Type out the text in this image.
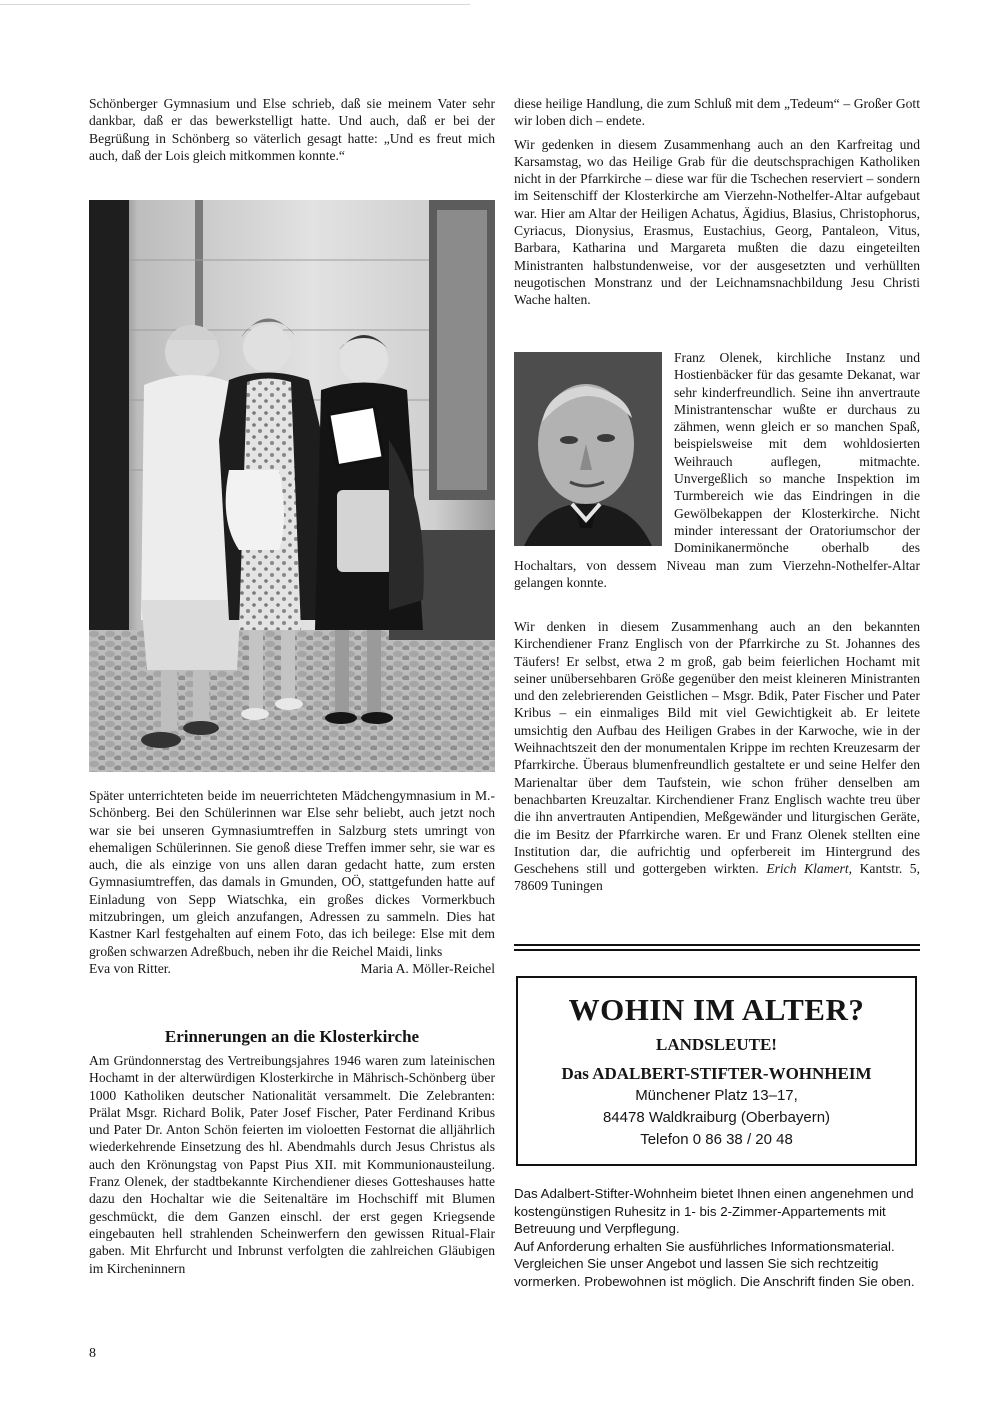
Schönberger Gymnasium und Else schrieb, daß sie meinem Vater sehr dankbar, daß er das bewerkstelligt hatte. Und auch, daß er bei der Begrüßung in Schönberg so väterlich gesagt hatte: „Und es freut mich auch, daß der Lois gleich mitkommen konnte.“

Später unterrichteten beide im neuerrichteten Mädchengymnasium in M.-Schönberg. Bei den Schülerinnen war Else sehr beliebt, auch jetzt noch war sie bei unseren Gymnasiumtreffen in Salzburg stets umringt von ehemaligen Schülerinnen. Sie genoß diese Treffen immer sehr, sie war es auch, die als einzige von uns allen daran gedacht hatte, zum ersten Gymnasiumtreffen, das damals in Gmunden, OÖ, stattgefunden hatte auf Einladung von Sepp Wiatschka, ein großes dickes Vormerkbuch mitzubringen, um gleich anzufangen, Adressen zu sammeln. Dies hat Kastner Karl festgehalten auf einem Foto, das ich beilege: Else mit dem großen schwarzen Adreßbuch, neben ihr die Reichel Maidi, links

Eva von Ritter.	Maria A. Möller-Reichel
Erinnerungen an die Klosterkirche

Am Gründonnerstag des Vertreibungsjahres 1946 waren zum lateinischen Hochamt in der alterwürdigen Klosterkirche in Mährisch-Schönberg über 1000 Katholiken deutscher Nationalität versammelt. Die Zelebranten: Prälat Msgr. Richard Bolik, Pater Josef Fischer, Pater Ferdinand Kribus und Pater Dr. Anton Schön feierten im violoetten Festornat die alljährlich wiederkehrende Einsetzung des hl. Abendmahls durch Jesus Christus als auch den Krönungstag von Papst Pius XII. mit Kommunionausteilung. Franz Olenek, der stadtbekannte Kirchendiener dieses Gotteshauses hatte dazu den Hochaltar wie die Seitenaltäre im Hochschiff mit Blumen geschmückt, die dem Ganzen einschl. der erst gegen Kriegsende eingebauten hell strahlenden Scheinwerfern den gewissen Ritual-Flair gaben. Mit Ehrfurcht und Inbrunst verfolgten die zahlreichen Gläubigen im Kircheninnern

diese heilige Handlung, die zum Schluß mit dem „Tedeum“ – Großer Gott wir loben dich – endete.

Wir gedenken in diesem Zusammenhang auch an den Karfreitag und Karsamstag, wo das Heilige Grab für die deutschsprachigen Katholiken nicht in der Pfarrkirche – diese war für die Tschechen reserviert – sondern im Seitenschiff der Klosterkirche am Vierzehn-Nothelfer-Altar aufgebaut war. Hier am Altar der Heiligen Achatus, Ägidius, Blasius, Christophorus, Cyriacus, Dionysius, Erasmus, Eustachius, Georg, Pantaleon, Vitus, Barbara, Katharina und Margareta mußten die dazu eingeteilten Ministranten halbstundenweise, vor der ausgesetzten und verhüllten neugotischen Monstranz und der Leichnamsnachbildung Jesu Christi Wache halten.

Franz Olenek, kirchliche Instanz und Hostienbäcker für das gesamte Dekanat, war sehr kinderfreundlich. Seine ihn anvertraute Ministrantenschar wußte er durchaus zu zähmen, wenn gleich er so manchen Spaß, beispielsweise mit dem wohldosierten Weihrauch auflegen, mitmachte. Unvergeßlich so manche Inspektion im Turmbereich wie das Eindringen in die Gewölbekappen der Klosterkirche. Nicht minder interessant der Oratoriumschor der Dominikanermönche oberhalb des Hochaltars, von dessem Niveau man zum Vierzehn-Nothelfer-Altar gelangen konnte.

Wir denken in diesem Zusammenhang auch an den bekannten Kirchendiener Franz Englisch von der Pfarrkirche zu St. Johannes des Täufers! Er selbst, etwa 2 m groß, gab beim feierlichen Hochamt mit seiner unübersehbaren Größe gegenüber den meist kleineren Ministranten und den zelebrierenden Geistlichen – Msgr. Bdik, Pater Fischer und Pater Kribus – ein einmaliges Bild mit viel Gewichtigkeit ab. Er leitete umsichtig den Aufbau des Heiligen Grabes in der Karwoche, wie in der Weihnachtszeit den der monumentalen Krippe im rechten Kreuzesarm der Pfarrkirche. Überaus blumenfreundlich gestaltete er und seine Helfer den Marienaltar über dem Taufstein, wie schon früher denselben am benachbarten Kreuzaltar. Kirchendiener Franz Englisch wachte treu über die ihn anvertrauten Antipendien, Meßgewänder und liturgischen Geräte, die im Besitz der Pfarrkirche waren. Er und Franz Olenek stellten eine Institution dar, die aufrichtig und opferbereit im Hintergrund des Geschehens still und gottergeben wirkten. Erich Klamert, Kantstr. 5, 78609 Tuningen

WOHIN IM ALTER?
LANDSLEUTE!
Das ADALBERT-STIFTER-WOHNHEIM
Münchener Platz 13–17,
84478 Waldkraiburg (Oberbayern)
Telefon 0 86 38 / 20 48

Das Adalbert-Stifter-Wohnheim bietet Ihnen einen angenehmen und kostengünstigen Ruhesitz in 1- bis 2-Zimmer-Appartements mit Betreuung und Verpflegung.

Auf Anforderung erhalten Sie ausführliches Informationsmaterial. Vergleichen Sie unser Angebot und lassen Sie sich rechtzeitig vormerken. Probewohnen ist möglich. Die Anschrift finden Sie oben.

8
